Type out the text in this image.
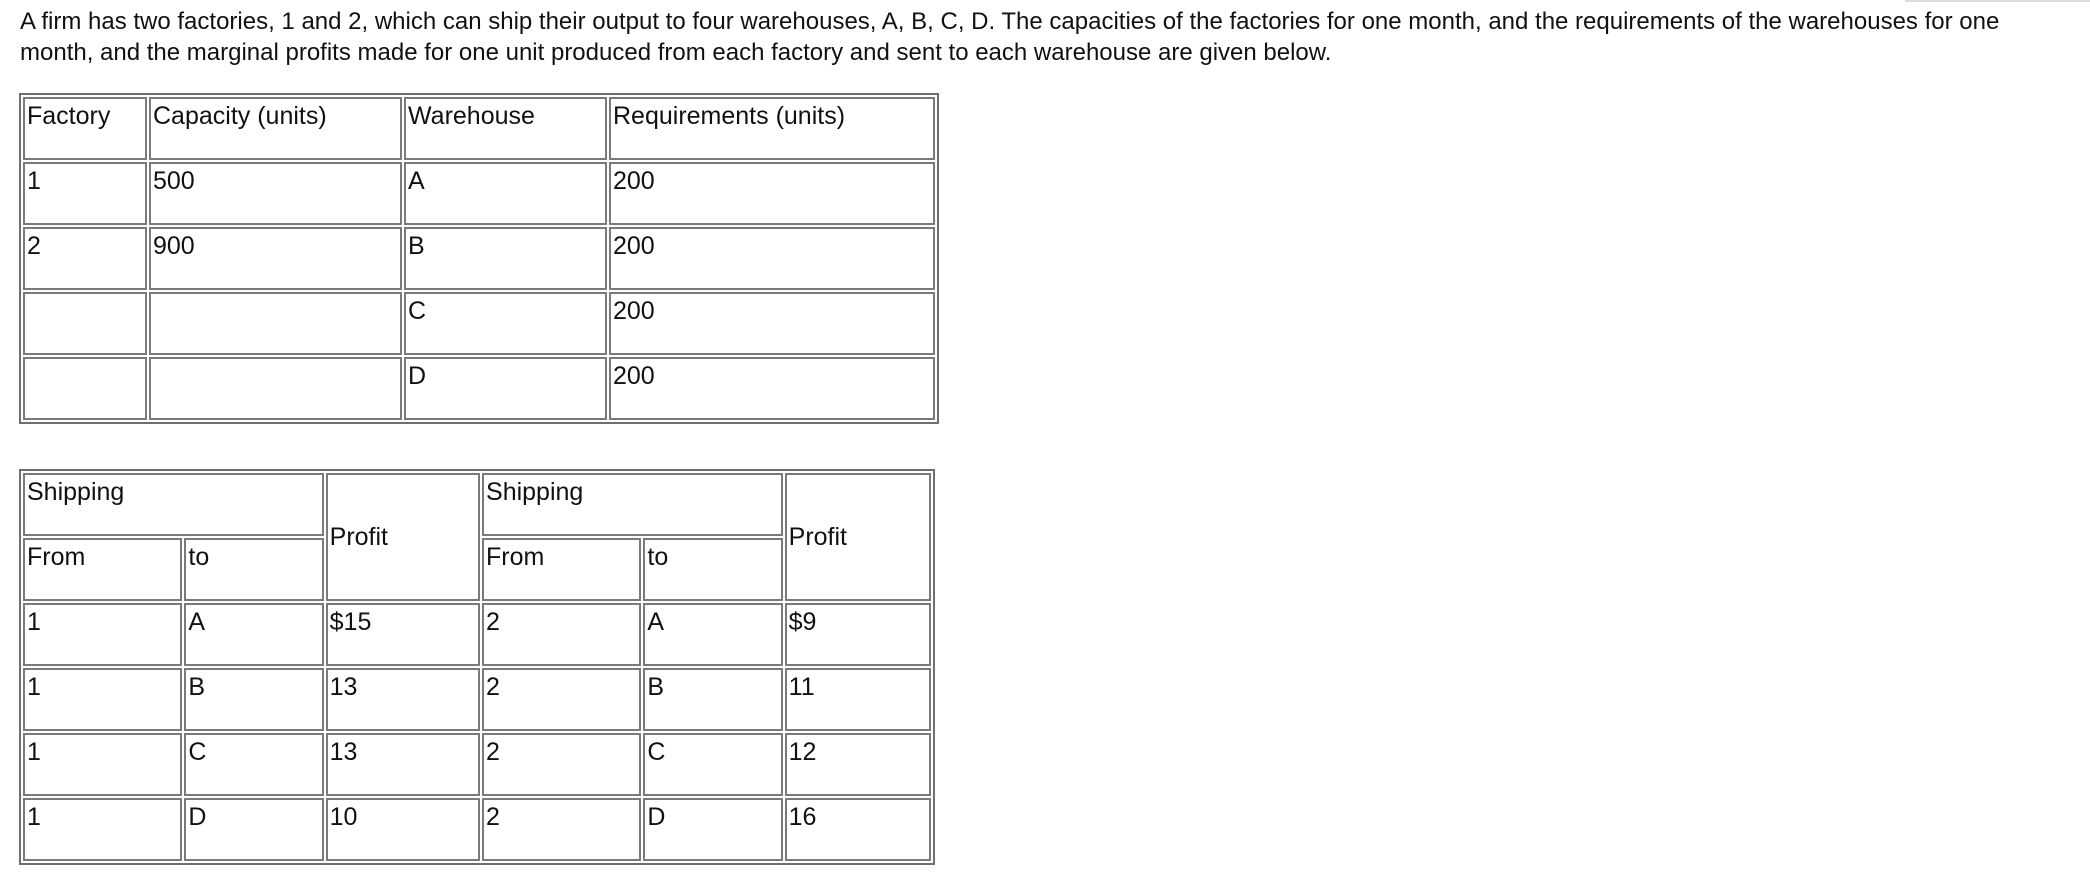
A firm has two factories, 1 and 2, which can ship their output to four warehouses, A, B, C, D. The capacities of the factories for one month, and the requirements of the warehouses for one month, and the marginal profits made for one unit produced from each factory and sent to each warehouse are given below.

Factory	Capacity (units)	Warehouse	Requirements (units)
1	500	A	200
2	900	B	200
		C	200
		D	200
Shipping		Profit	Shipping		Profit
From	to		From	to	
1	A	$15	2	A	$9
1	B	13	2	B	11
1	C	13	2	C	12
1	D	10	2	D	16
